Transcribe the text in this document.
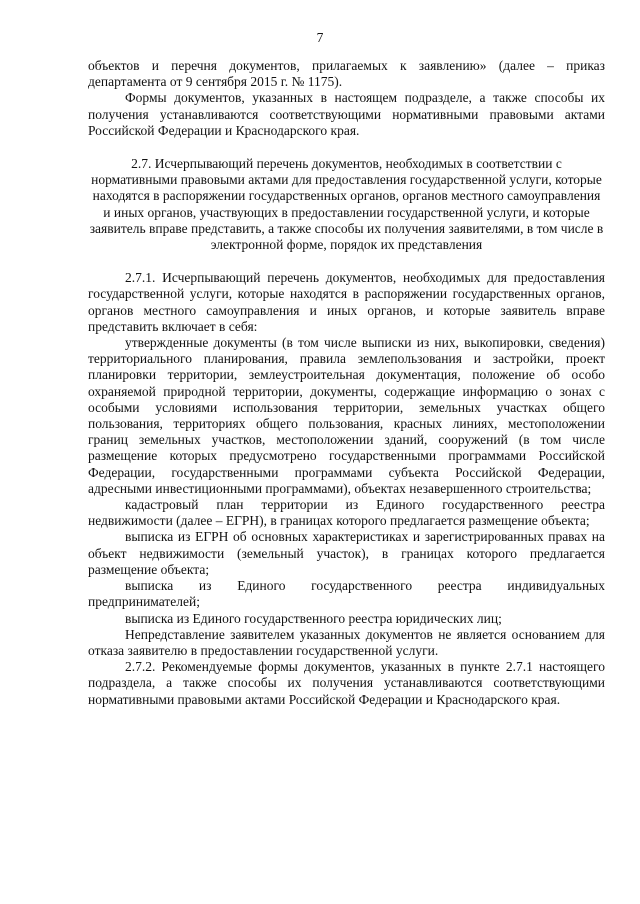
7

объектов и перечня документов, прилагаемых к заявлению» (далее – приказ департамента от 9 сентября 2015 г. № 1175).

Формы документов, указанных в настоящем подразделе, а также способы их получения устанавливаются соответствующими нормативными правовыми актами Российской Федерации и Краснодарского края.

2.7. Исчерпывающий перечень документов, необходимых в соответствии с нормативными правовыми актами для предоставления государственной услуги, которые находятся в распоряжении государственных органов, органов местного самоуправления и иных органов, участвующих в предоставлении государственной услуги, и которые заявитель вправе представить, а также способы их получения заявителями, в том числе в электронной форме, порядок их представления

2.7.1. Исчерпывающий перечень документов, необходимых для предоставления государственной услуги, которые находятся в распоряжении государственных органов, органов местного самоуправления и иных органов, и которые заявитель вправе представить включает в себя:

утвержденные документы (в том числе выписки из них, выкопировки, сведения) территориального планирования, правила землепользования и застройки, проект планировки территории, землеустроительная документация, положение об особо охраняемой природной территории, документы, содержащие информацию о зонах с особыми условиями использования территории, земельных участках общего пользования, территориях общего пользования, красных линиях, местоположении границ земельных участков, местоположении зданий, сооружений (в том числе размещение которых предусмотрено государственными программами Российской Федерации, государственными программами субъекта Российской Федерации, адресными инвестиционными программами), объектах незавершенного строительства;

кадастровый план территории из Единого государственного реестра недвижимости (далее – ЕГРН), в границах которого предлагается размещение объекта;

выписка из ЕГРН об основных характеристиках и зарегистрированных правах на объект недвижимости (земельный участок), в границах которого предлагается размещение объекта;

выписка из Единого государственного реестра индивидуальных предпринимателей;

выписка из Единого государственного реестра юридических лиц;

Непредставление заявителем указанных документов не является основанием для отказа заявителю в предоставлении государственной услуги.

2.7.2. Рекомендуемые формы документов, указанных в пункте 2.7.1 настоящего подраздела, а также способы их получения устанавливаются соответствующими нормативными правовыми актами Российской Федерации и Краснодарского края.
